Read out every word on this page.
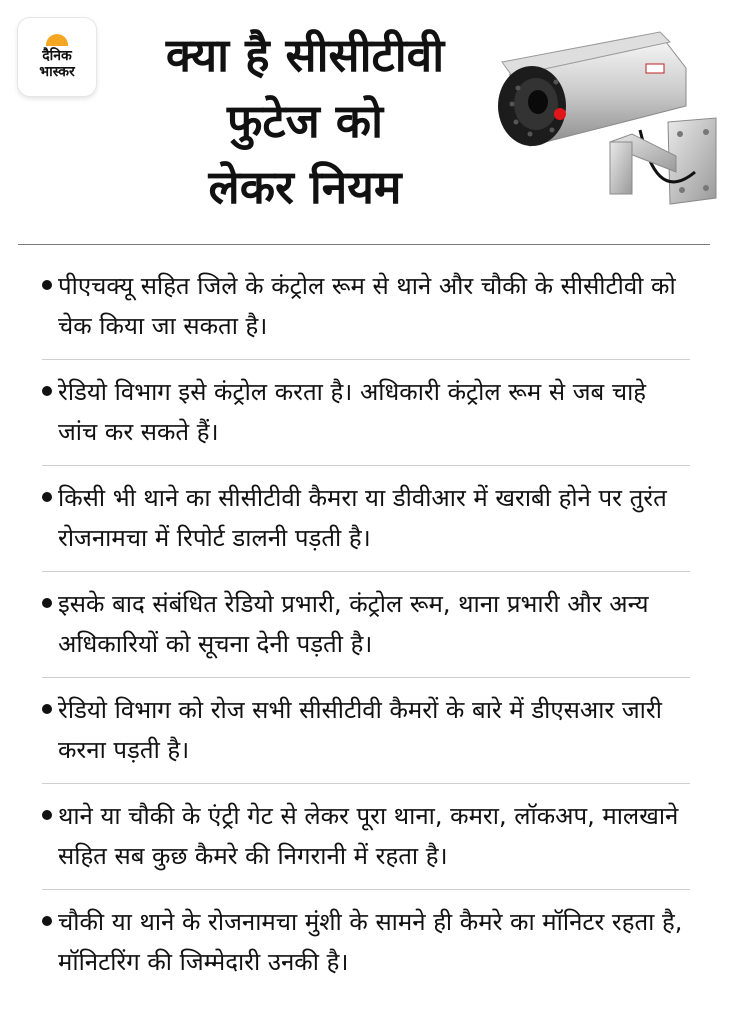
दैनिक
भास्कर	क्या है सीसीटीवी
फुटेज को
लेकर नियम
पीएचक्यू सहित जिले के कंट्रोल रूम से थाने और चौकी के सीसीटीवी को चेक किया जा सकता है।
रेडियो विभाग इसे कंट्रोल करता है। अधिकारी कंट्रोल रूम से जब चाहे जांच कर सकते हैं।
किसी भी थाने का सीसीटीवी कैमरा या डीवीआर में खराबी होने पर तुरंत रोजनामचा में रिपोर्ट डालनी पड़ती है।
इसके बाद संबंधित रेडियो प्रभारी, कंट्रोल रूम, थाना प्रभारी और अन्य अधिकारियों को सूचना देनी पड़ती है।
रेडियो विभाग को रोज सभी सीसीटीवी कैमरों के बारे में डीएसआर जारी करना पड़ती है।
थाने या चौकी के एंट्री गेट से लेकर पूरा थाना, कमरा, लॉकअप, मालखाने सहित सब कुछ कैमरे की निगरानी में रहता है।
चौकी या थाने के रोजनामचा मुंशी के सामने ही कैमरे का मॉनिटर रहता है, मॉनिटरिंग की जिम्मेदारी उनकी है।
